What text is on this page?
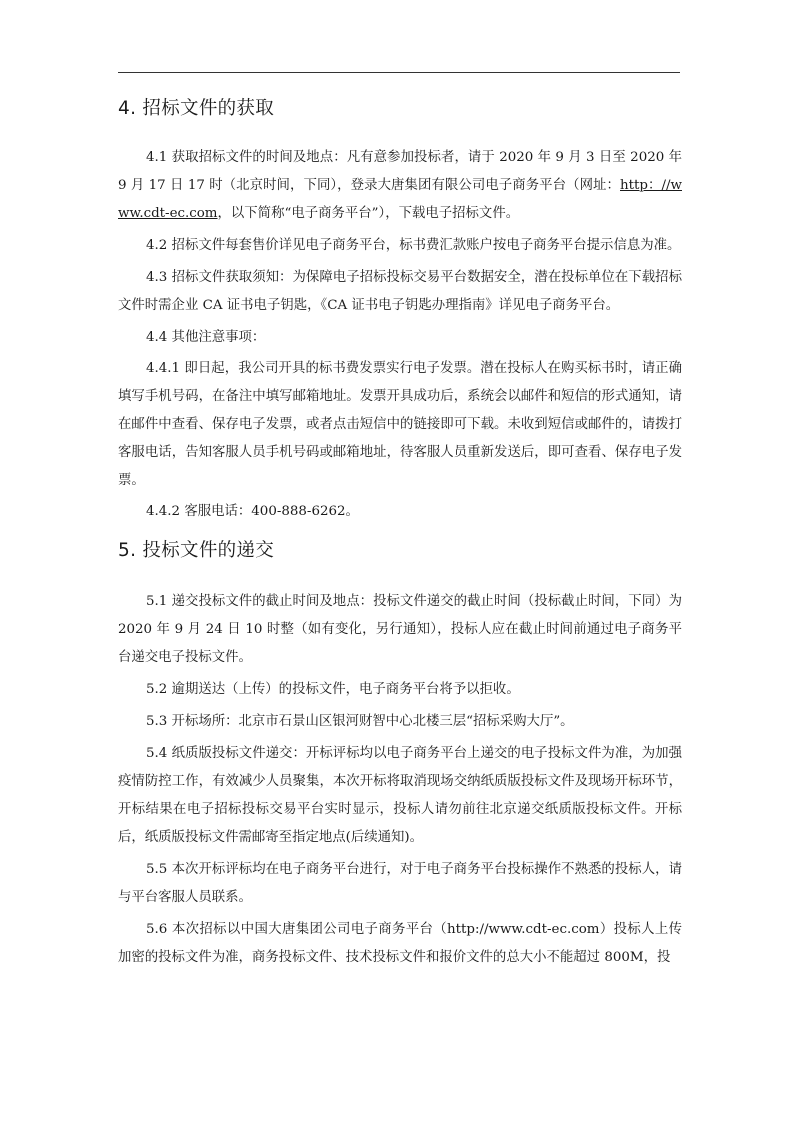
4. 招标文件的获取

4.1 获取招标文件的时间及地点：凡有意参加投标者，请于 2020 年 9 月 3 日至 2020 年 9 月 17 日 17 时（北京时间，下同），登录大唐集团有限公司电子商务平台（网址：http：//www.cdt-ec.com，以下简称“电子商务平台”），下载电子招标文件。

4.2 招标文件每套售价详见电子商务平台，标书费汇款账户按电子商务平台提示信息为准。

4.3 招标文件获取须知：为保障电子招标投标交易平台数据安全，潜在投标单位在下载招标文件时需企业 CA 证书电子钥匙，《CA 证书电子钥匙办理指南》详见电子商务平台。

4.4 其他注意事项：

4.4.1 即日起，我公司开具的标书费发票实行电子发票。潜在投标人在购买标书时，请正确填写手机号码，在备注中填写邮箱地址。发票开具成功后，系统会以邮件和短信的形式通知，请在邮件中查看、保存电子发票，或者点击短信中的链接即可下载。未收到短信或邮件的，请拨打客服电话，告知客服人员手机号码或邮箱地址，待客服人员重新发送后，即可查看、保存电子发票。

4.4.2 客服电话：400-888-6262。

5. 投标文件的递交

5.1 递交投标文件的截止时间及地点：投标文件递交的截止时间（投标截止时间，下同）为 2020 年 9 月 24 日 10 时整（如有变化，另行通知），投标人应在截止时间前通过电子商务平台递交电子投标文件。

5.2 逾期送达（上传）的投标文件，电子商务平台将予以拒收。

5.3 开标场所：北京市石景山区银河财智中心北楼三层“招标采购大厅”。

5.4 纸质版投标文件递交：开标评标均以电子商务平台上递交的电子投标文件为准，为加强疫情防控工作，有效减少人员聚集，本次开标将取消现场交纳纸质版投标文件及现场开标环节，开标结果在电子招标投标交易平台实时显示，投标人请勿前往北京递交纸质版投标文件。开标后，纸质版投标文件需邮寄至指定地点(后续通知)。

5.5 本次开标评标均在电子商务平台进行，对于电子商务平台投标操作不熟悉的投标人，请与平台客服人员联系。

5.6 本次招标以中国大唐集团公司电子商务平台（http://www.cdt-ec.com）投标人上传加密的投标文件为准，商务投标文件、技术投标文件和报价文件的总大小不能超过 800M，投
